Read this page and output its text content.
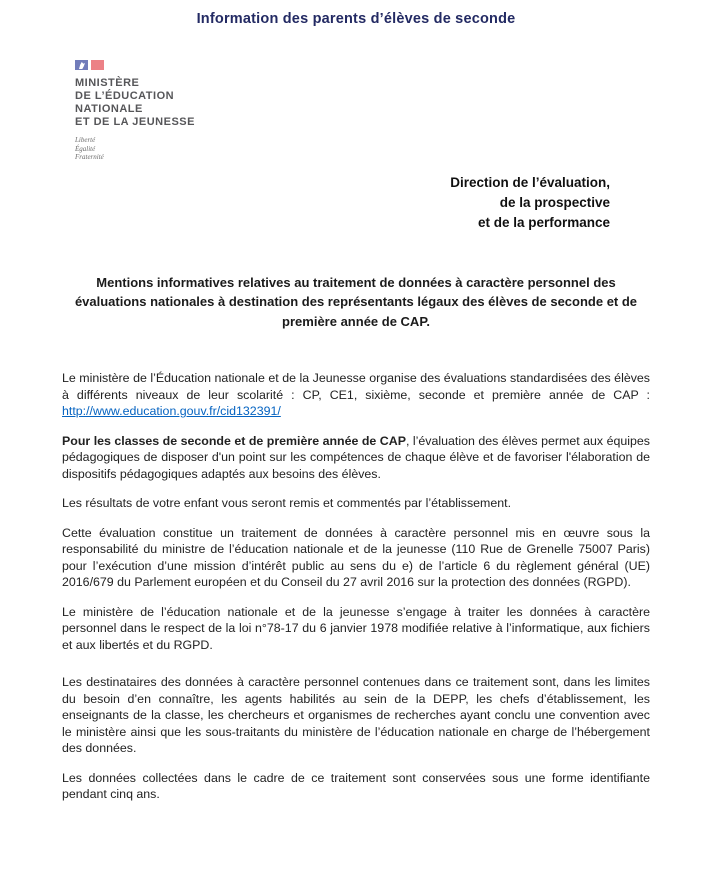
Information des parents d’élèves de seconde
MINISTÈRE
DE L’ÉDUCATION
NATIONALE
ET DE LA JEUNESSE
Liberté
Égalité
Fraternité
Direction de l’évaluation,
de la prospective
et de la performance
Mentions informatives relatives au traitement de données à caractère personnel des évaluations nationales à destination des représentants légaux des élèves de seconde et de première année de CAP.

Le ministère de l’Éducation nationale et de la Jeunesse organise des évaluations standardisées des élèves à différents niveaux de leur scolarité : CP, CE1, sixième, seconde et première année de CAP : http://www.education.gouv.fr/cid132391/

Pour les classes de seconde et de première année de CAP, l’évaluation des élèves permet aux équipes pédagogiques de disposer d'un point sur les compétences de chaque élève et de favoriser l'élaboration de dispositifs pédagogiques adaptés aux besoins des élèves.

Les résultats de votre enfant vous seront remis et commentés par l’établissement.

Cette évaluation constitue un traitement de données à caractère personnel mis en œuvre sous la responsabilité du ministre de l’éducation nationale et de la jeunesse (110 Rue de Grenelle 75007 Paris) pour l’exécution d’une mission d’intérêt public au sens du e) de l’article 6 du règlement général (UE) 2016/679 du Parlement européen et du Conseil du 27 avril 2016 sur la protection des données (RGPD).

Le ministère de l’éducation nationale et de la jeunesse s’engage à traiter les données à caractère personnel dans le respect de la loi n°78-17 du 6 janvier 1978 modifiée relative à l’informatique, aux fichiers et aux libertés et du RGPD.

Les destinataires des données à caractère personnel contenues dans ce traitement sont, dans les limites du besoin d’en connaître, les agents habilités au sein de la DEPP, les chefs d’établissement, les enseignants de la classe, les chercheurs et organismes de recherches ayant conclu une convention avec le ministère ainsi que les sous-traitants du ministère de l’éducation nationale en charge de l’hébergement des données.

Les données collectées dans le cadre de ce traitement sont conservées sous une forme identifiante pendant cinq ans.
